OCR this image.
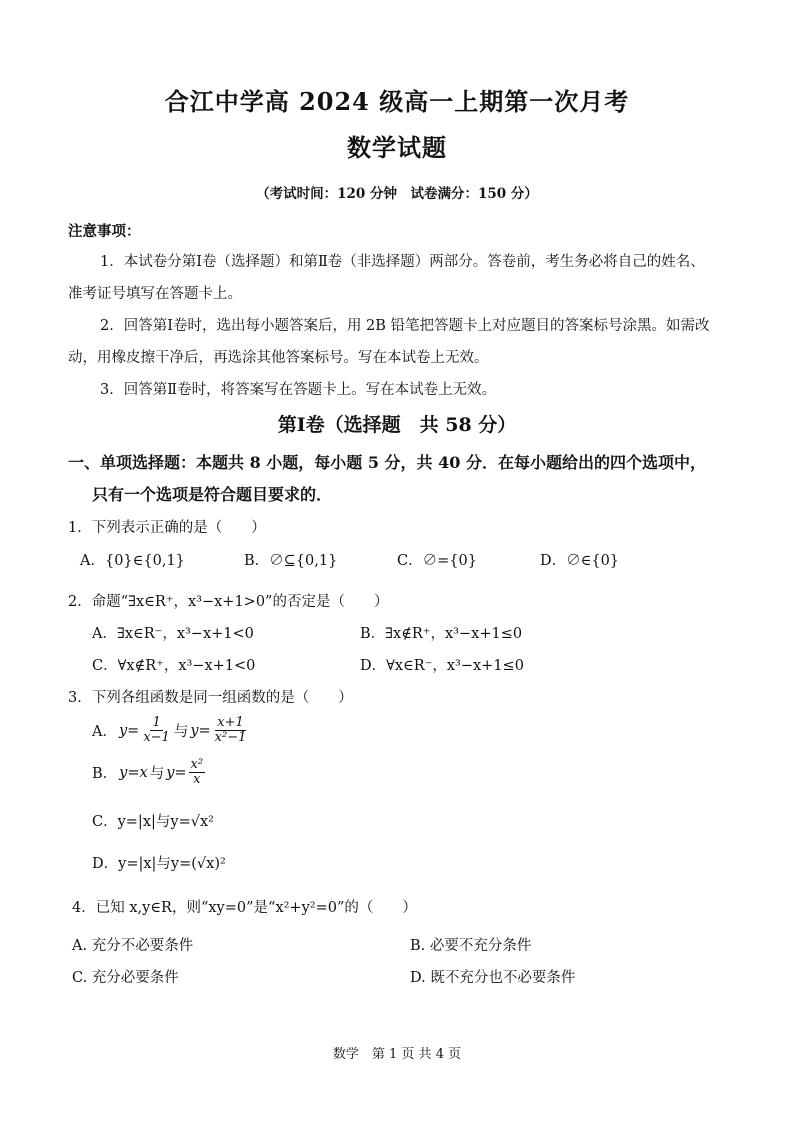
合江中学高 2024 级高一上期第一次月考
数学试题
（考试时间：120 分钟　试卷满分：150 分）
注意事项：
1．本试卷分第Ⅰ卷（选择题）和第Ⅱ卷（非选择题）两部分。答卷前，考生务必将自己的姓名、
准考证号填写在答题卡上。
2．回答第Ⅰ卷时，选出每小题答案后，用 2B 铅笔把答题卡上对应题目的答案标号涂黑。如需改
动，用橡皮擦干净后，再选涂其他答案标号。写在本试卷上无效。
3．回答第Ⅱ卷时，将答案写在答题卡上。写在本试卷上无效。
第Ⅰ卷（选择题　共 58 分）
一、单项选择题：本题共 8 小题，每小题 5 分，共 40 分．在每小题给出的四个选项中，
只有一个选项是符合题目要求的．
1．下列表示正确的是（　　）
A．{0}∈{0,1}	B．∅⊆{0,1}	C．∅={0}	D．∅∈{0}
2．命题“∃x∈R⁺，x³−x+1>0”的否定是（　　）
A．∃x∈R⁻，x³−x+1<0	B．∃x∉R⁺，x³−x+1≤0
C．∀x∉R⁺，x³−x+1<0	D．∀x∈R⁻，x³−x+1≤0
3．下列各组函数是同一组函数的是（　　）
A． $y= \frac{1}{x-1}$ 与 $y= \frac{x+1}{\text{x²−1}}$
B． y=x 与 $y= \frac{\text{x²}}{x}$
C．y=|x|与y=√x²
D．y=|x|与y=(√x)²
4．已知 x,y∈R，则“xy=0”是“x²+y²=0”的（　　）
A. 充分不必要条件	B. 必要不充分条件
C. 充分必要条件	D. 既不充分也不必要条件
数学　第 1 页 共 4 页
